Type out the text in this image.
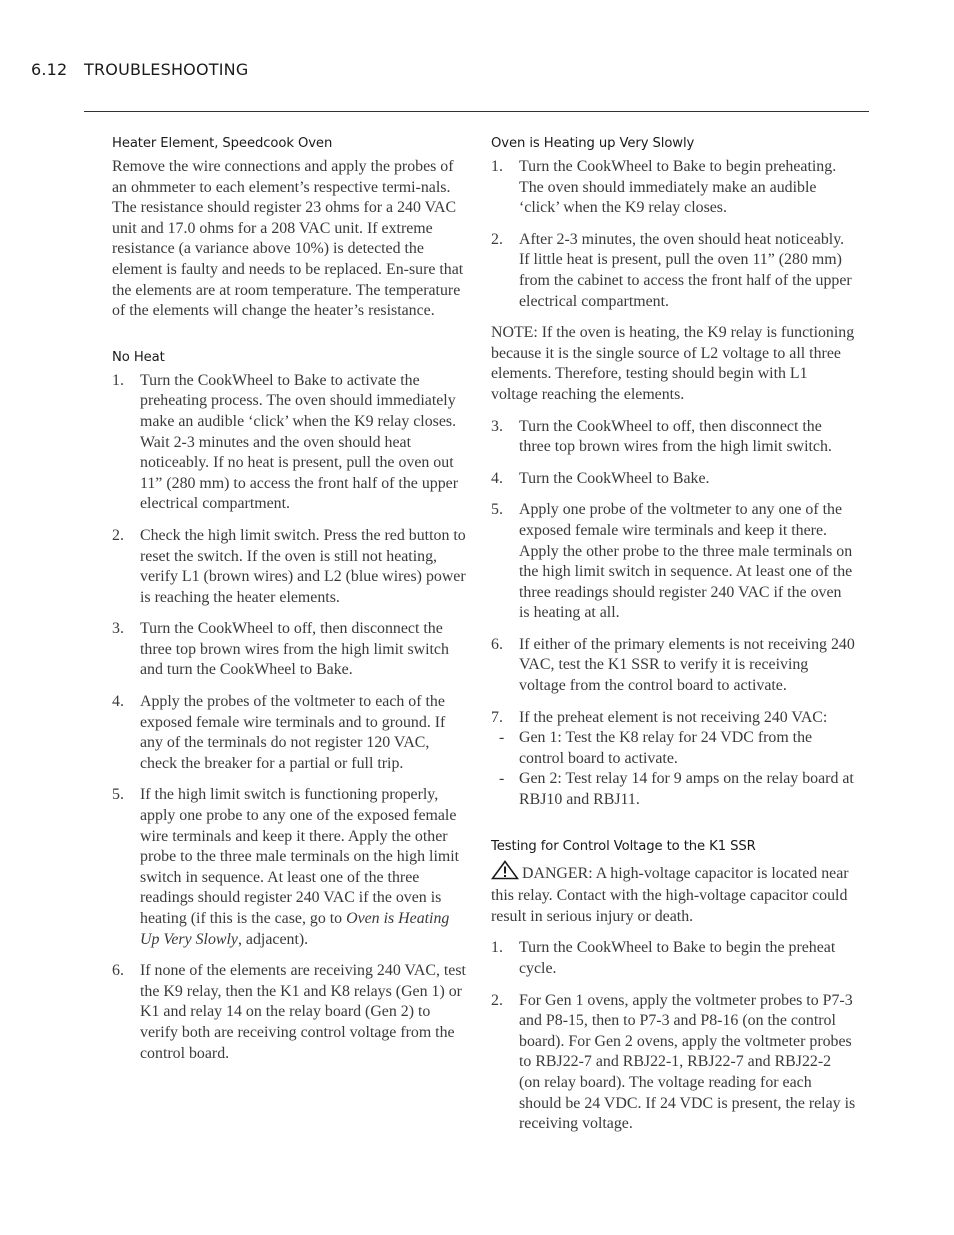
6.12 TROUBLESHOOTING
Heater Element, Speedcook Oven

Remove the wire connections and apply the probes of an ohmmeter to each element’s respective termi-nals. The resistance should register 23 ohms for a 240 VAC unit and 17.0 ohms for a 208 VAC unit. If extreme resistance (a variance above 10%) is detected the element is faulty and needs to be replaced. En-sure that the elements are at room temperature. The temperature of the elements will change the heater’s resistance.

No Heat
1. Turn the CookWheel to Bake to activate the preheating process. The oven should immediately make an audible ‘click’ when the K9 relay closes. Wait 2-3 minutes and the oven should heat noticeably. If no heat is present, pull the oven out 11” (280 mm) to access the front half of the upper electrical compartment.
2. Check the high limit switch. Press the red button to reset the switch. If the oven is still not heating, verify L1 (brown wires) and L2 (blue wires) power is reaching the heater elements.
3. Turn the CookWheel to off, then disconnect the three top brown wires from the high limit switch and turn the CookWheel to Bake.
4. Apply the probes of the voltmeter to each of the exposed female wire terminals and to ground. If any of the terminals do not register 120 VAC, check the breaker for a partial or full trip.
5. If the high limit switch is functioning properly, apply one probe to any one of the exposed female wire terminals and keep it there. Apply the other probe to the three male terminals on the high limit switch in sequence. At least one of the three readings should register 240 VAC if the oven is heating (if this is the case, go to Oven is Heating Up Very Slowly, adjacent).
6. If none of the elements are receiving 240 VAC, test the K9 relay, then the K1 and K8 relays (Gen 1) or K1 and relay 14 on the relay board (Gen 2) to verify both are receiving control voltage from the control board.
Oven is Heating up Very Slowly
1. Turn the CookWheel to Bake to begin preheating. The oven should immediately make an audible ‘click’ when the K9 relay closes.
2. After 2-3 minutes, the oven should heat noticeably. If little heat is present, pull the oven 11” (280 mm) from the cabinet to access the front half of the upper electrical compartment.

NOTE: If the oven is heating, the K9 relay is functioning because it is the single source of L2 voltage to all three elements. Therefore, testing should begin with L1 voltage reaching the elements.

3. Turn the CookWheel to off, then disconnect the three top brown wires from the high limit switch.
4. Turn the CookWheel to Bake.
5. Apply one probe of the voltmeter to any one of the exposed female wire terminals and keep it there. Apply the other probe to the three male terminals on the high limit switch in sequence. At least one of the three readings should register 240 VAC if the oven is heating at all.
6. If either of the primary elements is not receiving 240 VAC, test the K1 SSR to verify it is receiving voltage from the control board to activate.
7. If the preheat element is not receiving 240 VAC:
- Gen 1: Test the K8 relay for 24 VDC from the control board to activate.
- Gen 2: Test relay 14 for 9 amps on the relay board at RBJ10 and RBJ11.
Testing for Control Voltage to the K1 SSR

DANGER: A high-voltage capacitor is located near this relay. Contact with the high-voltage capacitor could result in serious injury or death.

1. Turn the CookWheel to Bake to begin the preheat cycle.
2. For Gen 1 ovens, apply the voltmeter probes to P7-3 and P8-15, then to P7-3 and P8-16 (on the control board). For Gen 2 ovens, apply the voltmeter probes to RBJ22-7 and RBJ22-1, RBJ22-7 and RBJ22-2 (on relay board). The voltage reading for each should be 24 VDC. If 24 VDC is present, the relay is receiving voltage.
